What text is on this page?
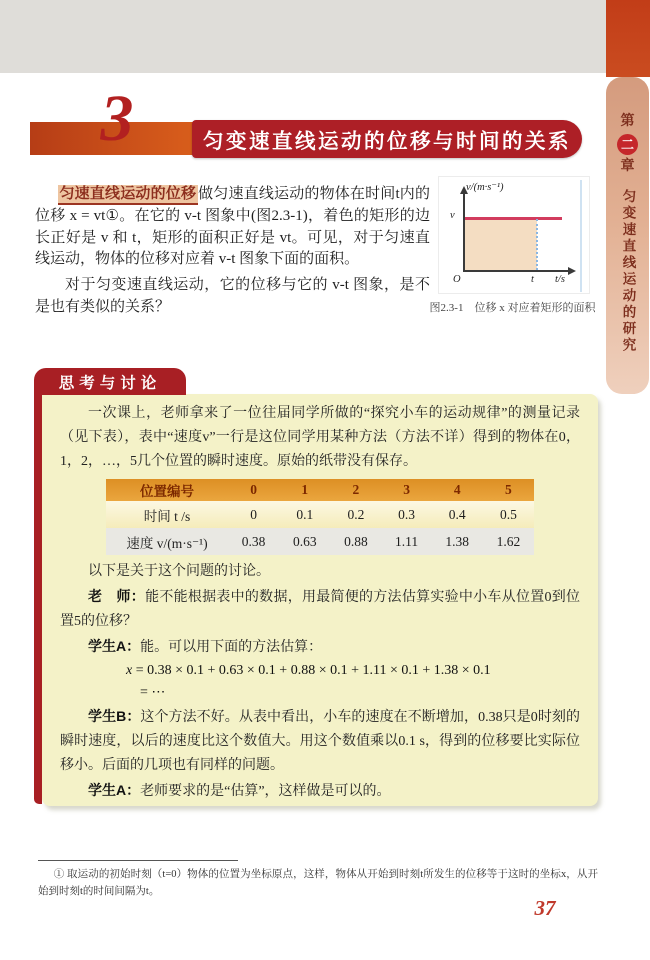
第
二
章
匀变速直线运动的研究
3	匀变速直线运动的位移与时间的关系

匀速直线运动的位移 做匀速直线运动的物体在时间t内的位移 x = vt①。在它的 v-t 图象中(图2.3-1)，着色的矩形的边长正好是 v 和 t，矩形的面积正好是 vt。可见，对于匀速直线运动，物体的位移对应着 v-t 图象下面的面积。

对于匀变速直线运动，它的位移与它的 v-t 图象，是不是也有类似的关系？

v/(m·s⁻¹)
v
O	t t/s
图2.3-1　位移 x 对应着矩形的面积
思考与讨论

一次课上，老师拿来了一位往届同学所做的“探究小车的运动规律”的测量记录（见下表），表中“速度v”一行是这位同学用某种方法（方法不详）得到的物体在0，1，2，…，5几个位置的瞬时速度。原始的纸带没有保存。

位置编号	0	1	2	3	4	5
时间 t /s	0	0.1	0.2	0.3	0.4	0.5
速度 v/(m·s⁻¹)	0.38	0.63	0.88	1.11	1.38	1.62

以下是关于这个问题的讨论。

老　师：能不能根据表中的数据，用最简便的方法估算实验中小车从位置0到位置5的位移？

学生A：能。可以用下面的方法估算：

x = 0.38 × 0.1 + 0.63 × 0.1 + 0.88 × 0.1 + 1.11 × 0.1 + 1.38 × 0.1
= ⋯

学生B：这个方法不好。从表中看出，小车的速度在不断增加，0.38只是0时刻的瞬时速度，以后的速度比这个数值大。用这个数值乘以0.1 s，得到的位移要比实际位移小。后面的几项也有同样的问题。

学生A：老师要求的是“估算”，这样做是可以的。

① 取运动的初始时刻（t=0）物体的位置为坐标原点，这样，物体从开始到时刻t所发生的位移等于这时的坐标x，从开始到时刻t的时间间隔为t。

37
